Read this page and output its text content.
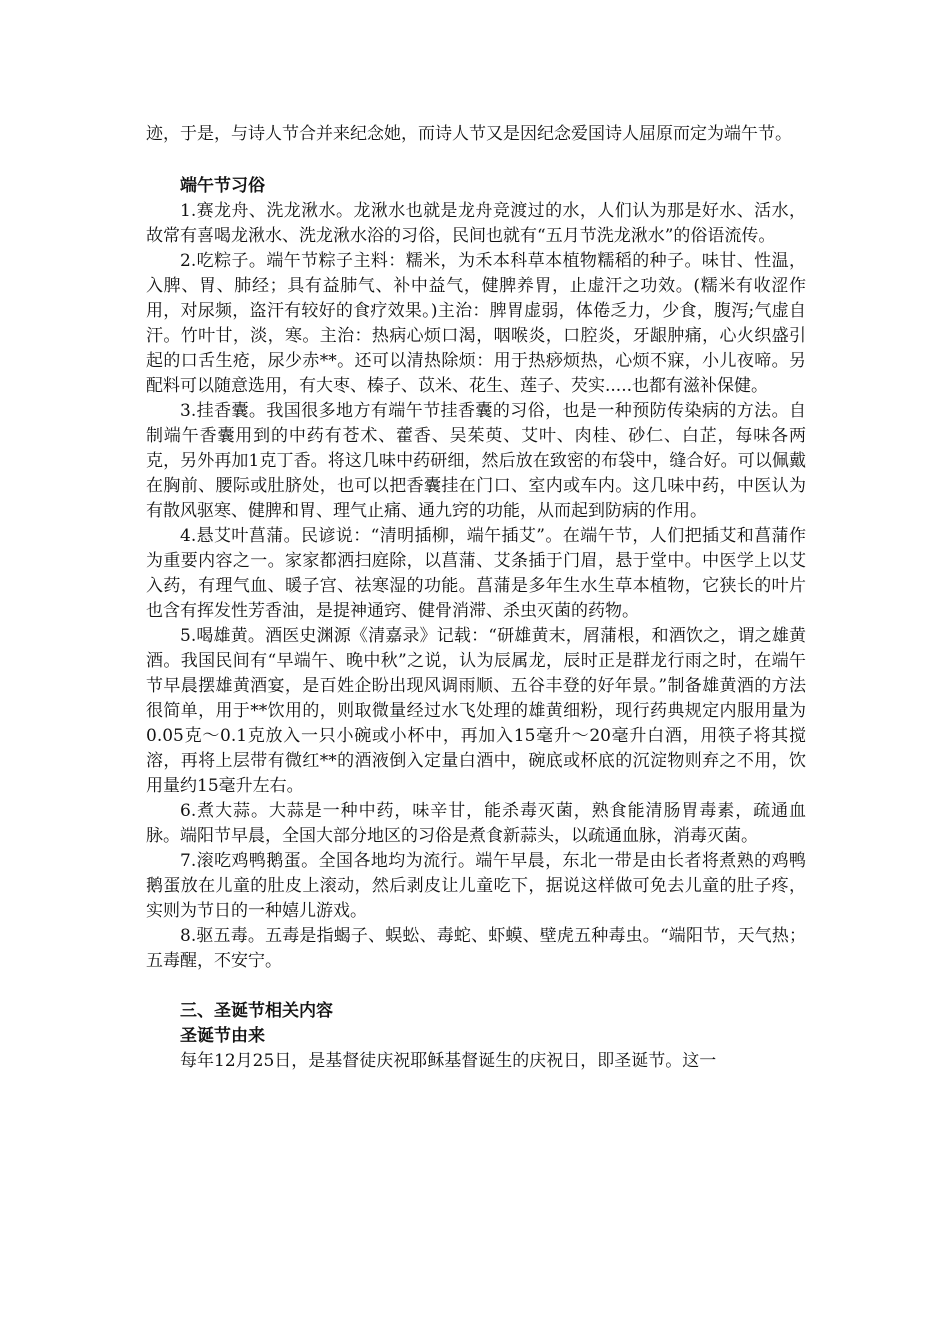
迹，于是，与诗人节合并来纪念她，而诗人节又是因纪念爱国诗人屈原而定为端午节。

端午节习俗

1.赛龙舟、洗龙湫水。龙湫水也就是龙舟竞渡过的水，人们认为那是好水、活水，故常有喜喝龙湫水、洗龙湫水浴的习俗，民间也就有“五月节洗龙湫水”的俗语流传。

2.吃粽子。端午节粽子主料：糯米，为禾本科草本植物糯稻的种子。味甘、性温，入脾、胃、肺经；具有益肺气、补中益气，健脾养胃，止虚汗之功效。(糯米有收涩作用，对尿频，盗汗有较好的食疗效果。)主治：脾胃虚弱，体倦乏力，少食，腹泻;气虚自汗。竹叶甘，淡，寒。主治：热病心烦口渴，咽喉炎，口腔炎，牙龈肿痛，心火织盛引起的口舌生疮，尿少赤**。还可以清热除烦：用于热痧烦热，心烦不寐，小儿夜啼。另配料可以随意选用，有大枣、榛子、苡米、花生、莲子、芡实.....也都有滋补保健。

3.挂香囊。我国很多地方有端午节挂香囊的习俗，也是一种预防传染病的方法。自制端午香囊用到的中药有苍术、藿香、吴茱萸、艾叶、肉桂、砂仁、白芷，每味各两克，另外再加1克丁香。将这几味中药研细，然后放在致密的布袋中，缝合好。可以佩戴在胸前、腰际或肚脐处，也可以把香囊挂在门口、室内或车内。这几味中药，中医认为有散风驱寒、健脾和胃、理气止痛、通九窍的功能，从而起到防病的作用。

4.悬艾叶菖蒲。民谚说：“清明插柳，端午插艾”。在端午节，人们把插艾和菖蒲作为重要内容之一。家家都洒扫庭除，以菖蒲、艾条插于门眉，悬于堂中。中医学上以艾入药，有理气血、暖子宫、祛寒湿的功能。菖蒲是多年生水生草本植物，它狭长的叶片也含有挥发性芳香油，是提神通窍、健骨消滞、杀虫灭菌的药物。

5.喝雄黄。酒医史渊源《清嘉录》记载：“研雄黄末，屑蒲根，和酒饮之，谓之雄黄酒。我国民间有“早端午、晚中秋”之说，认为辰属龙，辰时正是群龙行雨之时，在端午节早晨摆雄黄酒宴，是百姓企盼出现风调雨顺、五谷丰登的好年景。”制备雄黄酒的方法很简单，用于**饮用的，则取微量经过水飞处理的雄黄细粉，现行药典规定内服用量为0.05克～0.1克放入一只小碗或小杯中，再加入15毫升～20毫升白酒，用筷子将其搅溶，再将上层带有微红**的酒液倒入定量白酒中，碗底或杯底的沉淀物则弃之不用，饮用量约15毫升左右。

6.煮大蒜。大蒜是一种中药，味辛甘，能杀毒灭菌，熟食能清肠胃毒素，疏通血脉。端阳节早晨，全国大部分地区的习俗是煮食新蒜头，以疏通血脉，消毒灭菌。

7.滚吃鸡鸭鹅蛋。全国各地均为流行。端午早晨，东北一带是由长者将煮熟的鸡鸭鹅蛋放在儿童的肚皮上滚动，然后剥皮让儿童吃下，据说这样做可免去儿童的肚子疼，实则为节日的一种嬉儿游戏。

8.驱五毒。五毒是指蝎子、蜈蚣、毒蛇、虾蟆、壁虎五种毒虫。“端阳节，天气热；五毒醒，不安宁。

三、圣诞节相关内容

圣诞节由来

每年12月25日，是基督徒庆祝耶稣基督诞生的庆祝日，即圣诞节。这一
